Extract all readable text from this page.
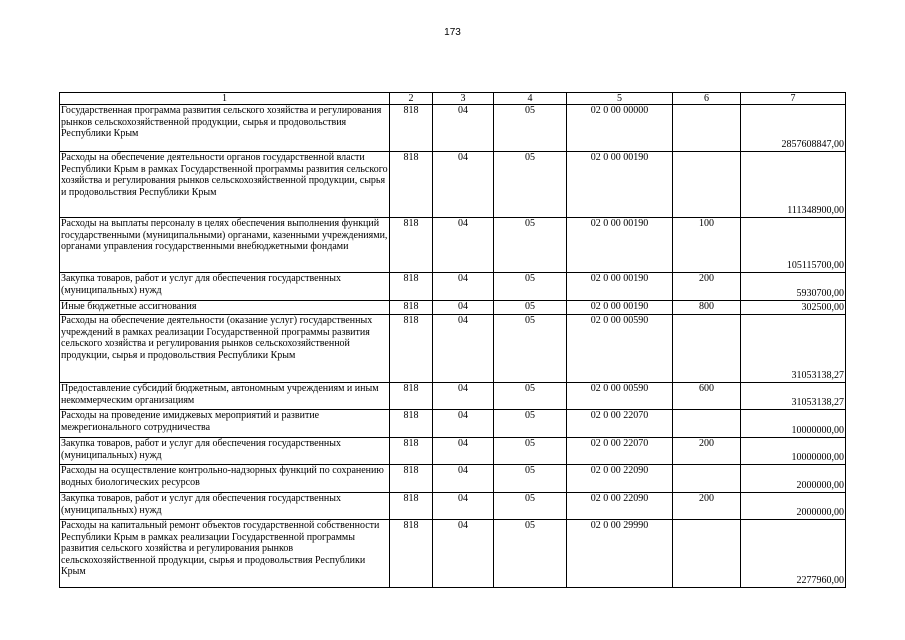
173
1	2	3	4	5	6	7
Государственная программа развития сельского хозяйства и регулирования рынков сельскохозяйственной продукции, сырья и продовольствия Республики Крым	818	04	05	02 0 00 00000		2857608847,00
Расходы на обеспечение деятельности органов государственной власти Республики Крым в рамках Государственной программы развития сельского хозяйства и регулирования рынков сельскохозяйственной продукции, сырья и продовольствия Республики Крым	818	04	05	02 0 00 00190		111348900,00
Расходы на выплаты персоналу в целях обеспечения выполнения функций государственными (муниципальными) органами, казенными учреждениями, органами управления государственными внебюджетными фондами	818	04	05	02 0 00 00190	100	105115700,00
Закупка товаров, работ и услуг для обеспечения государственных (муниципальных) нужд	818	04	05	02 0 00 00190	200	5930700,00
Иные бюджетные ассигнования	818	04	05	02 0 00 00190	800	302500,00
Расходы на обеспечение деятельности (оказание услуг) государственных учреждений в рамках реализации Государственной программы развития сельского хозяйства и регулирования рынков сельскохозяйственной продукции, сырья и продовольствия Республики Крым	818	04	05	02 0 00 00590		31053138,27
Предоставление субсидий бюджетным, автономным учреждениям и иным некоммерческим организациям	818	04	05	02 0 00 00590	600	31053138,27
Расходы на проведение имиджевых мероприятий и развитие межрегионального сотрудничества	818	04	05	02 0 00 22070		10000000,00
Закупка товаров, работ и услуг для обеспечения государственных (муниципальных) нужд	818	04	05	02 0 00 22070	200	10000000,00
Расходы на осуществление контрольно-надзорных функций по сохранению водных биологических ресурсов	818	04	05	02 0 00 22090		2000000,00
Закупка товаров, работ и услуг для обеспечения государственных (муниципальных) нужд	818	04	05	02 0 00 22090	200	2000000,00
Расходы на капитальный ремонт объектов государственной собственности Республики Крым в рамках реализации Государственной программы развития сельского хозяйства и регулирования рынков сельскохозяйственной продукции, сырья и продовольствия Республики Крым	818	04	05	02 0 00 29990		2277960,00
